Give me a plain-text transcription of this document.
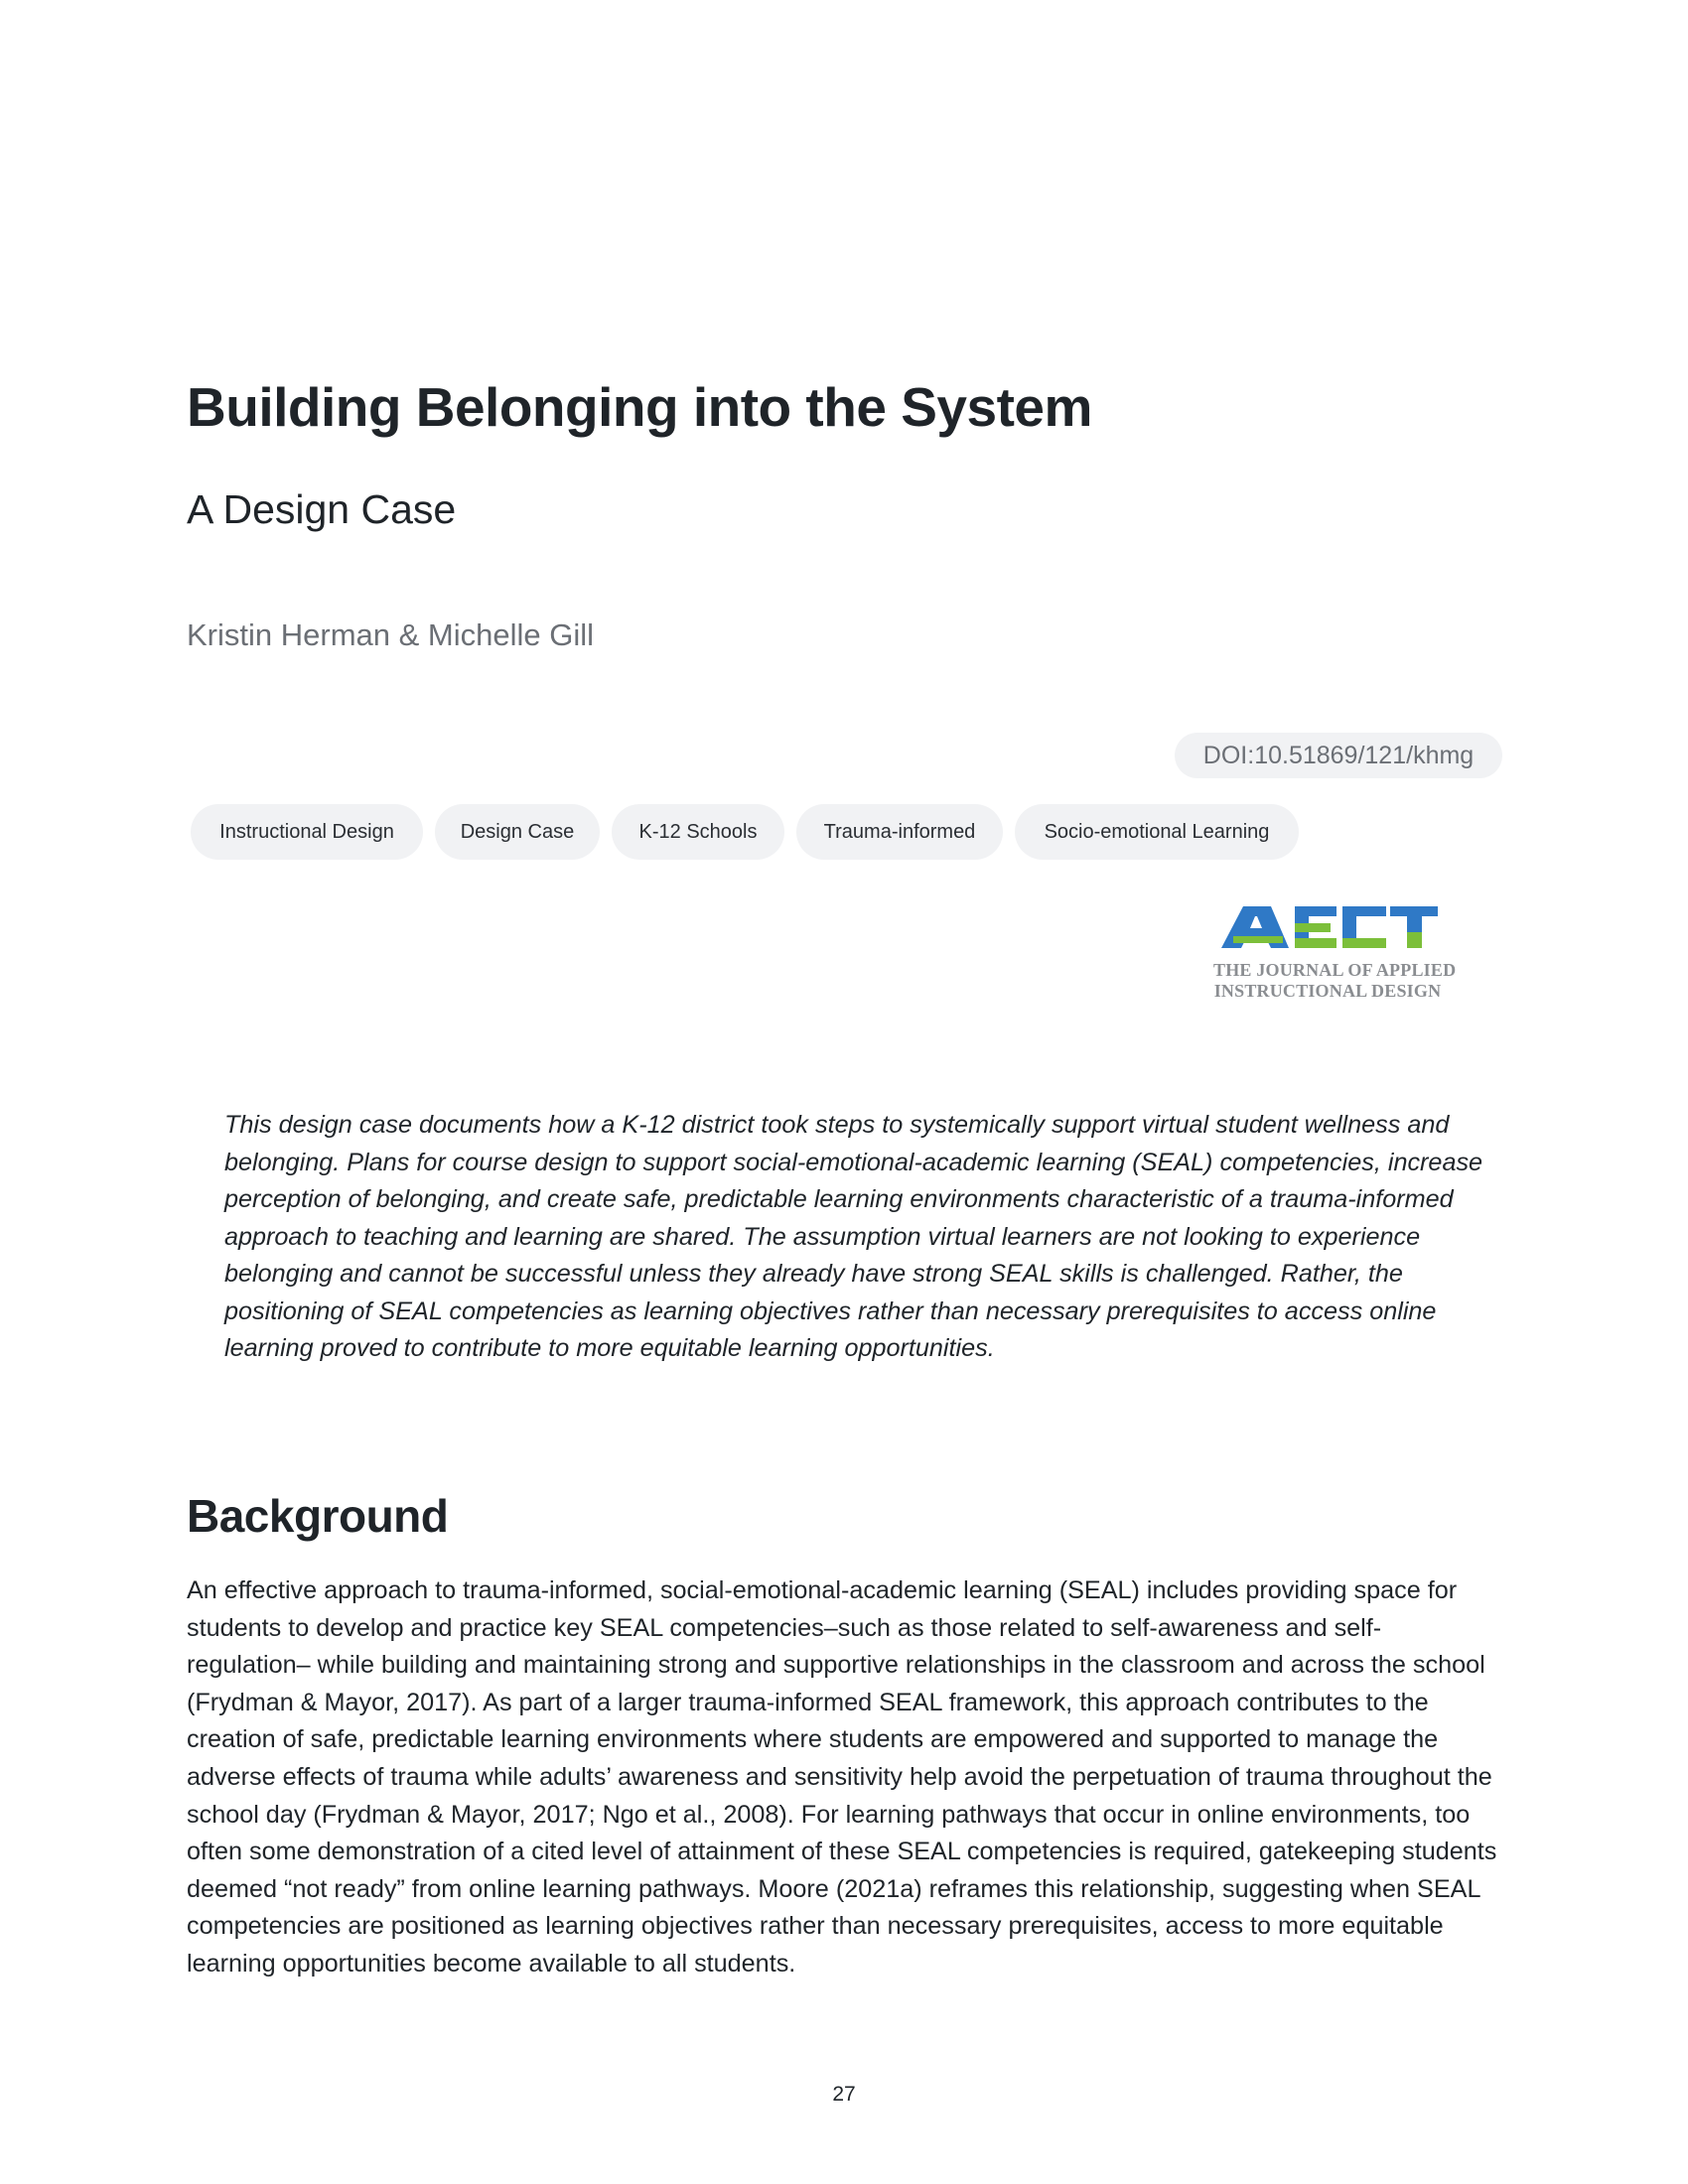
Building Belonging into the System
A Design Case

Kristin Herman & Michelle Gill

DOI:10.51869/121/khmg
Instructional Design	Design Case	K-12 Schools	Trauma-informed	Socio-emotional Learning
THE JOURNAL OF APPLIED
INSTRUCTIONAL DESIGN

This design case documents how a K-12 district took steps to systemically support virtual student wellness and belonging. Plans for course design to support social-emotional-academic learning (SEAL) competencies, increase perception of belonging, and create safe, predictable learning environments characteristic of a trauma-informed approach to teaching and learning are shared. The assumption virtual learners are not looking to experience belonging and cannot be successful unless they already have strong SEAL skills is challenged. Rather, the positioning of SEAL competencies as learning objectives rather than necessary prerequisites to access online learning proved to contribute to more equitable learning opportunities.

Background

An effective approach to trauma-informed, social-emotional-academic learning (SEAL) includes providing space for students to develop and practice key SEAL competencies–such as those related to self-awareness and self-regulation– while building and maintaining strong and supportive relationships in the classroom and across the school (Frydman & Mayor, 2017). As part of a larger trauma-informed SEAL framework, this approach contributes to the creation of safe, predictable learning environments where students are empowered and supported to manage the adverse effects of trauma while adults’ awareness and sensitivity help avoid the perpetuation of trauma throughout the school day (Frydman & Mayor, 2017; Ngo et al., 2008). For learning pathways that occur in online environments, too often some demonstration of a cited level of attainment of these SEAL competencies is required, gatekeeping students deemed “not ready” from online learning pathways. Moore (2021a) reframes this relationship, suggesting when SEAL competencies are positioned as learning objectives rather than necessary prerequisites, access to more equitable learning opportunities become available to all students.

27
